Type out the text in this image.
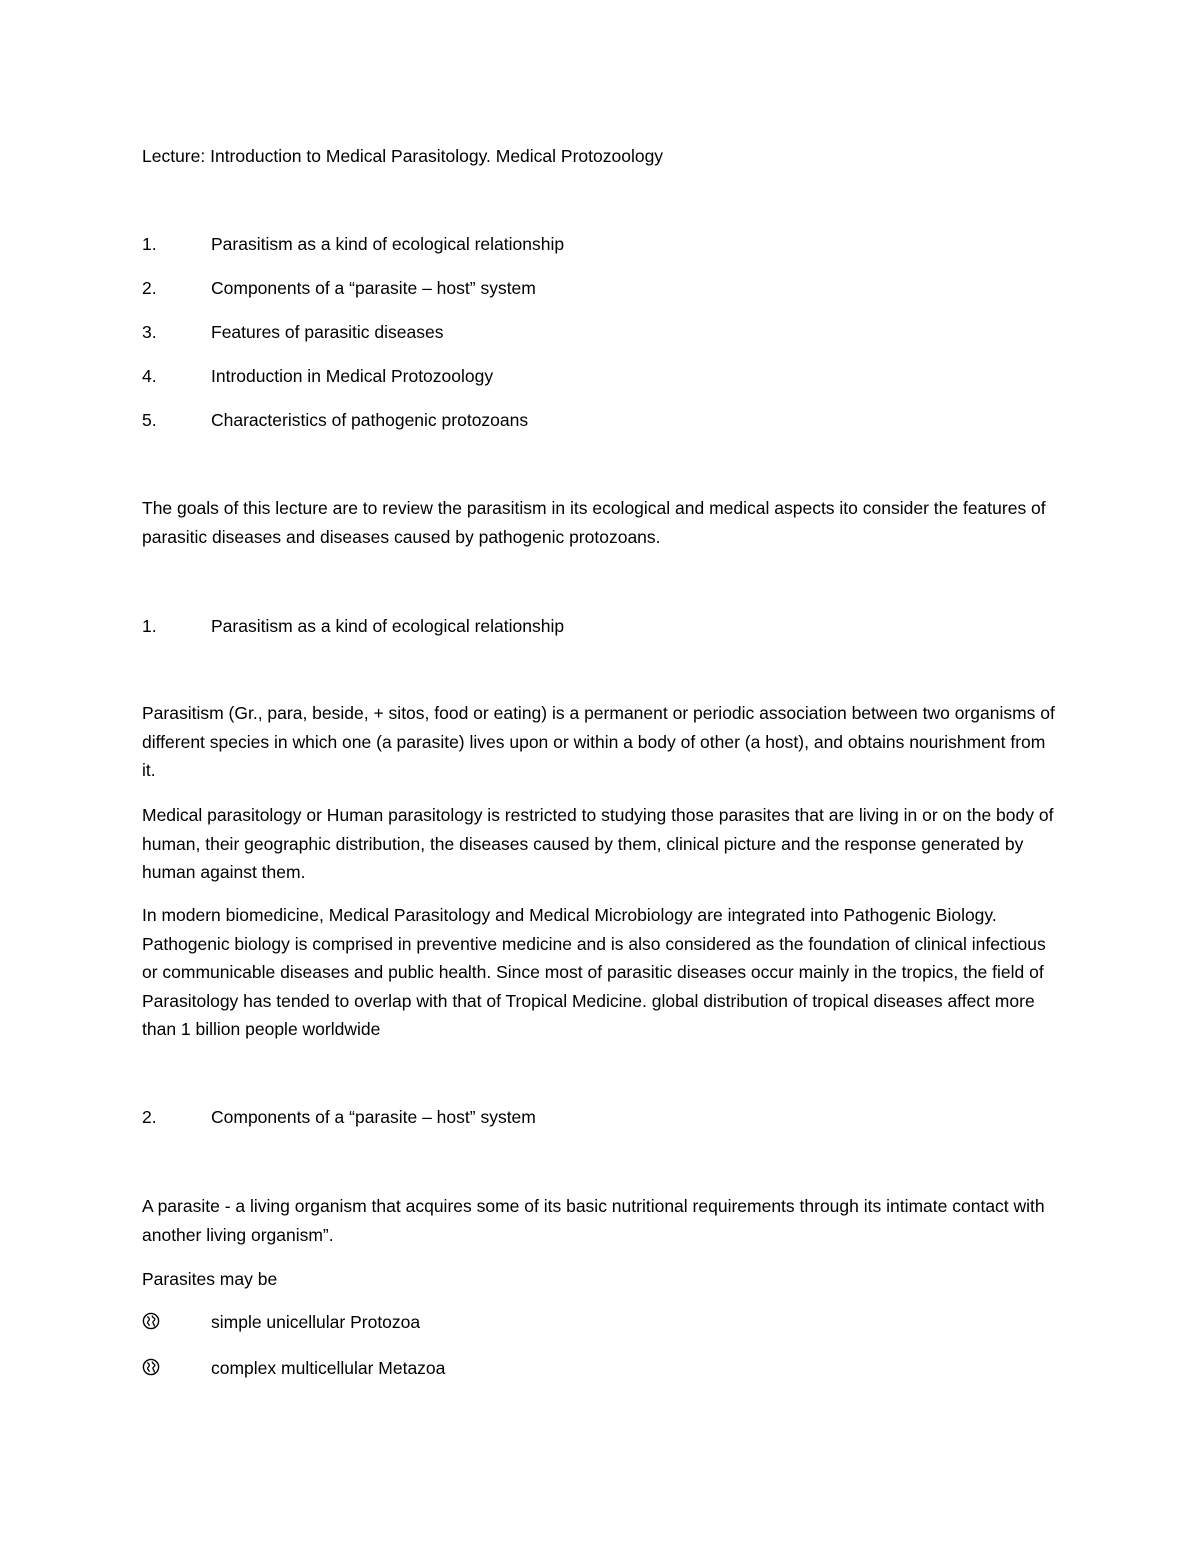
Lecture: Introduction to Medical Parasitology. Medical Protozoology
1.	Parasitism as a kind of ecological relationship
2.	Components of a “parasite – host” system
3.	Features of parasitic diseases
4.	Introduction in Medical Protozoology
5.	Characteristics of pathogenic protozoans
The goals of this lecture are to review the parasitism in its ecological and medical aspects ito consider the features of parasitic diseases and diseases caused by pathogenic protozoans.
1.	Parasitism as a kind of ecological relationship
Parasitism (Gr., para, beside, + sitos, food or eating) is a permanent or periodic association between two organisms of different species in which one (a parasite) lives upon or within a body of other (a host), and obtains nourishment from it.
Medical parasitology or Human parasitology is restricted to studying those parasites that are living in or on the body of human, their geographic distribution, the diseases caused by them, clinical picture and the response generated by human against them.
In modern biomedicine, Medical Parasitology and Medical Microbiology are integrated into Pathogenic Biology. Pathogenic biology is comprised in preventive medicine and is also considered as the foundation of clinical infectious or communicable diseases and public health. Since most of parasitic diseases occur mainly in the tropics, the field of Parasitology has tended to overlap with that of Tropical Medicine. global distribution of tropical diseases affect more than 1 billion people worldwide
2.	Components of a “parasite – host” system
A parasite - a living organism that acquires some of its basic nutritional requirements through its intimate contact with another living organism”.
Parasites may be
simple unicellular Protozoa
complex multicellular Metazoa
